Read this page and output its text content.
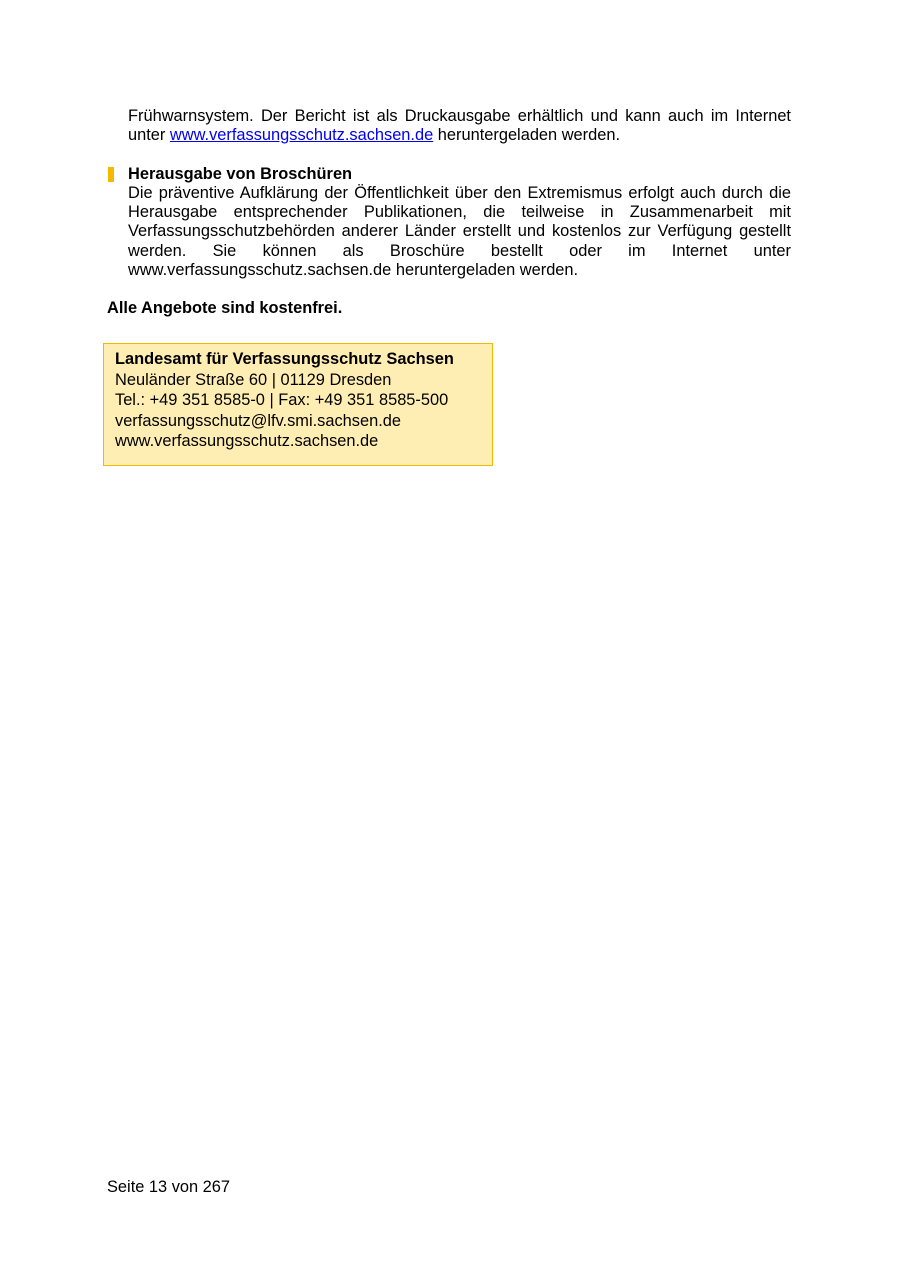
Frühwarnsystem. Der Bericht ist als Druckausgabe erhältlich und kann auch im Internet unter www.verfassungsschutz.sachsen.de heruntergeladen werden.

Herausgabe von Broschüren

Die präventive Aufklärung der Öffentlichkeit über den Extremismus erfolgt auch durch die Herausgabe entsprechender Publikationen, die teilweise in Zusammenarbeit mit Verfassungsschutzbehörden anderer Länder erstellt und kostenlos zur Verfügung gestellt werden. Sie können als Broschüre bestellt oder im Internet unter www.verfassungsschutz.sachsen.de heruntergeladen werden.

Alle Angebote sind kostenfrei.

Landesamt für Verfassungsschutz Sachsen

Neuländer Straße 60 | 01129 Dresden

Tel.: +49 351 8585-0 | Fax: +49 351 8585-500

verfassungsschutz@lfv.smi.sachsen.de

www.verfassungsschutz.sachsen.de

Seite 13 von 267
